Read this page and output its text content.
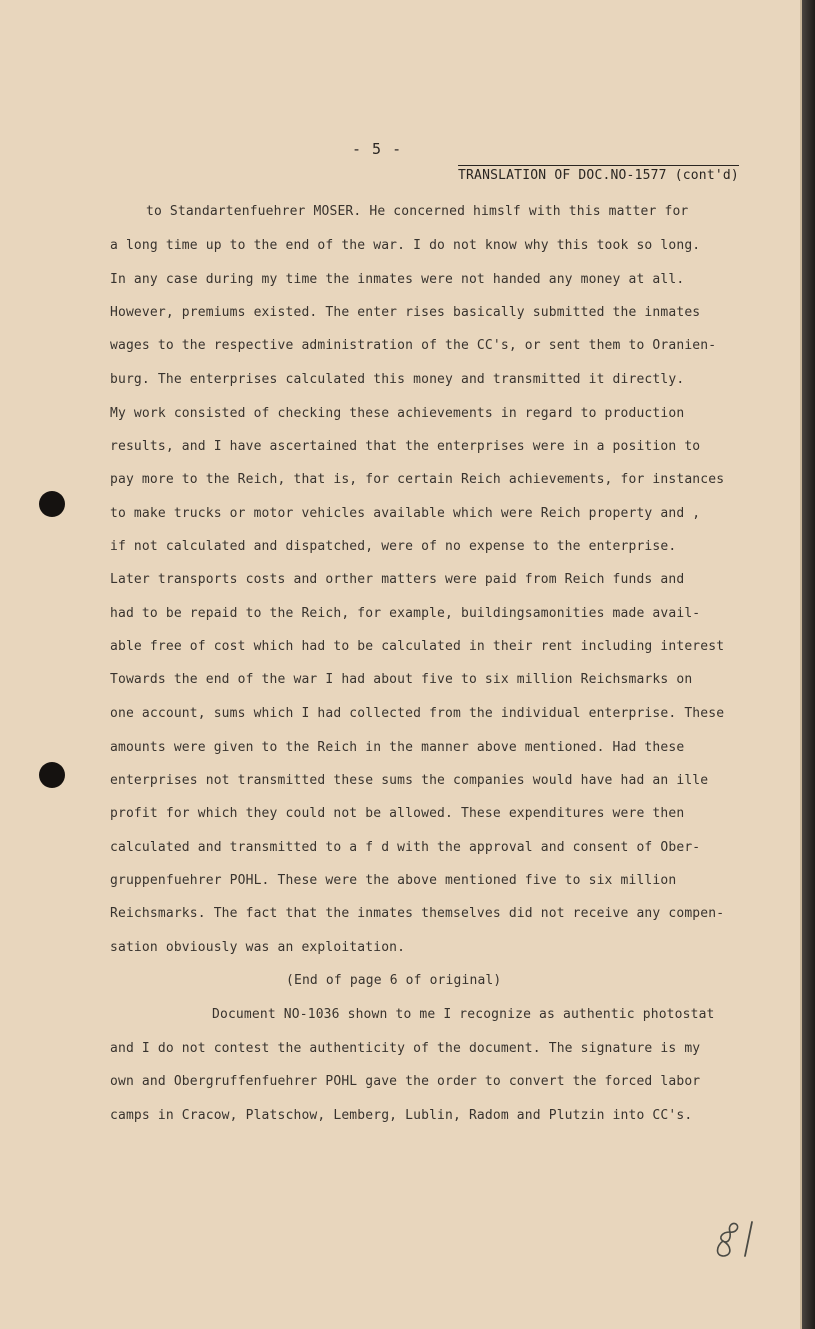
- 5 -
TRANSLATION OF DOC.NO-1577 (cont'd)
to Standartenfuehrer MOSER. He concerned himslf with this matter for
a long time up to the end of the war. I do not know why this took so long.
In any case during my time the inmates were not handed any money at all.
However, premiums existed. The enter rises basically submitted the inmates
wages to the respective administration of the CC's, or sent them to Oranien-
burg. The enterprises calculated this money and transmitted it directly.
My work consisted of checking these achievements in regard to production
results, and I have ascertained that the enterprises were in a position to
pay more to the Reich, that is, for certain Reich achievements, for instances
to make trucks or motor vehicles available which were Reich property and ,
if not calculated and dispatched, were of no expense to the enterprise.
Later transports costs and orther matters were paid from Reich funds and
had to be repaid to the Reich, for example, buildingsamonities made avail-
able free of cost which had to be calculated in their rent including interest
Towards the end of the war I had about five to six million Reichsmarks on
one account, sums which I had collected from the individual enterprise. These
amounts were given to the Reich in the manner above mentioned. Had these
enterprises not transmitted these sums the companies would have had an ille
profit for which they could not be allowed. These expenditures were then
calculated and transmitted to a f d with the approval and consent of Ober-
gruppenfuehrer POHL. These were the above mentioned five to six million
Reichsmarks. The fact that the inmates themselves did not receive any compen-
sation obviously was an exploitation.
(End of page 6 of original)
Document NO-1036 shown to me I recognize as authentic photostat
and I do not contest the authenticity of the document. The signature is my
own and Obergruffenfuehrer POHL gave the order to convert the forced labor
camps in Cracow, Platschow, Lemberg, Lublin, Radom and Plutzin into CC's.
